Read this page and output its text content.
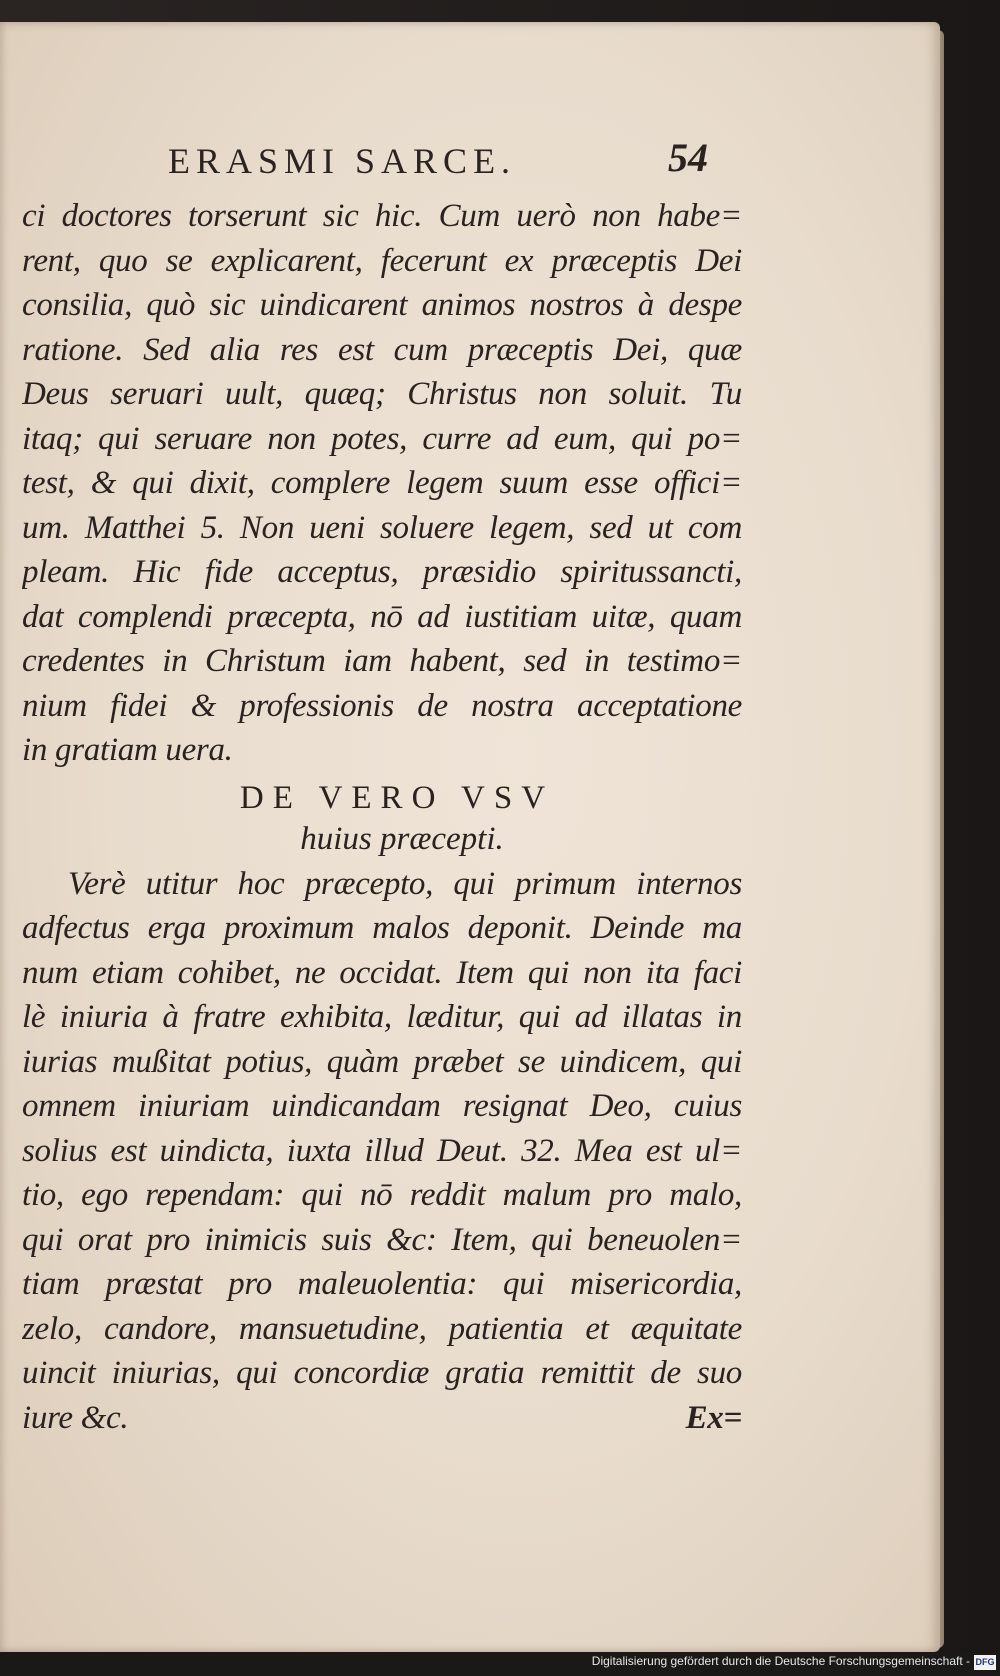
ERASMI SARCE.	54
ci doctores torserunt sic hic. Cum uerò non habe=
rent, quo se explicarent, fecerunt ex præceptis Dei
consilia, quò sic uindicarent animos nostros à despe
ratione. Sed alia res est cum præceptis Dei, quæ
Deus seruari uult, quæq; Christus non soluit. Tu
itaq; qui seruare non potes, curre ad eum, qui po=
test, & qui dixit, complere legem suum esse offici=
um. Matthei 5. Non ueni soluere legem, sed ut com
pleam. Hic fide acceptus, præsidio spiritussancti,
dat complendi præcepta, nō ad iustitiam uitæ, quam
credentes in Christum iam habent, sed in testimo=
nium fidei & professionis de nostra acceptatione
in gratiam uera.
DE VERO VSV
huius præcepti.
Verè utitur hoc præcepto, qui primum internos
adfectus erga proximum malos deponit. Deinde ma
num etiam cohibet, ne occidat. Item qui non ita faci
lè iniuria à fratre exhibita, læditur, qui ad illatas in
iurias mußitat potius, quàm præbet se uindicem, qui
omnem iniuriam uindicandam resignat Deo, cuius
solius est uindicta, iuxta illud Deut. 32. Mea est ul=
tio, ego rependam: qui nō reddit malum pro malo,
qui orat pro inimicis suis &c: Item, qui beneuolen=
tiam præstat pro maleuolentia: qui misericordia,
zelo, candore, mansuetudine, patientia et æquitate
uincit iniurias, qui concordiæ gratia remittit de suo
iure &c.	Ex=
Digitalisierung gefördert durch die Deutsche Forschungsgemeinschaft - DFG
